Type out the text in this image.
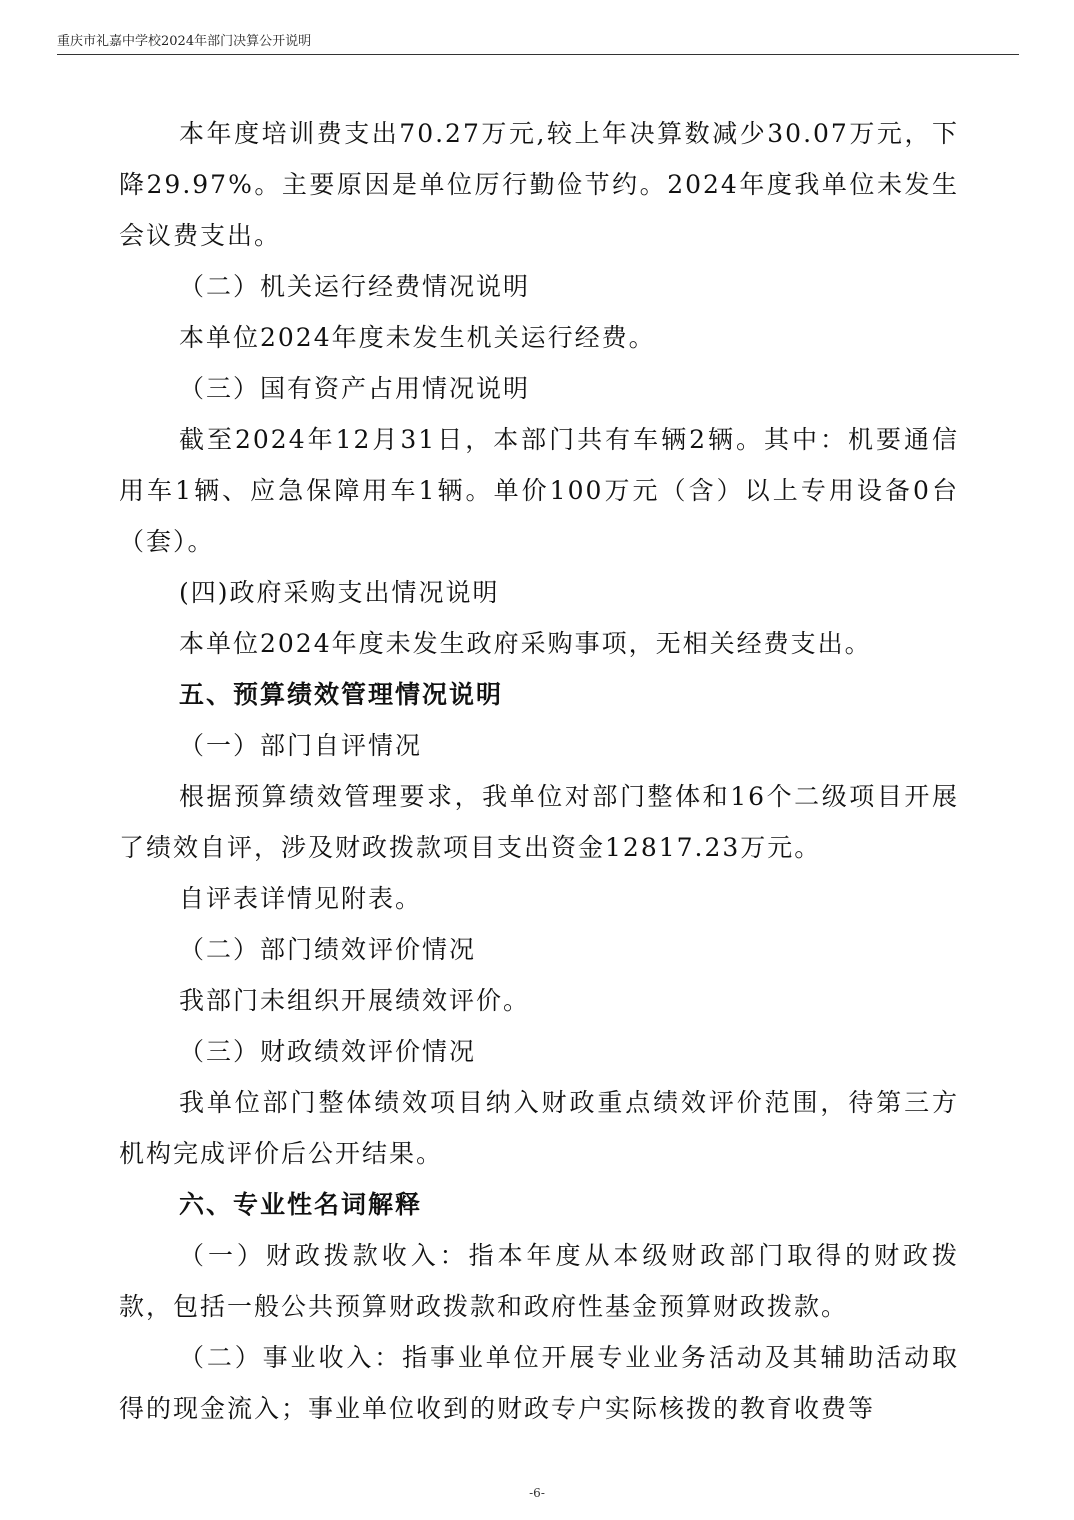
重庆市礼嘉中学校2024年部门决算公开说明

本年度培训费支出70.27万元,较上年决算数减少30.07万元，下降29.97%。主要原因是单位厉行勤俭节约。2024年度我单位未发生会议费支出。

（二）机关运行经费情况说明

本单位2024年度未发生机关运行经费。

（三）国有资产占用情况说明

截至2024年12月31日，本部门共有车辆2辆。其中：机要通信用车1辆、应急保障用车1辆。单价100万元（含）以上专用设备0台（套）。

(四)政府采购支出情况说明

本单位2024年度未发生政府采购事项，无相关经费支出。

五、预算绩效管理情况说明

（一）部门自评情况

根据预算绩效管理要求，我单位对部门整体和16个二级项目开展了绩效自评，涉及财政拨款项目支出资金12817.23万元。

自评表详情见附表。

（二）部门绩效评价情况

我部门未组织开展绩效评价。

（三）财政绩效评价情况

我单位部门整体绩效项目纳入财政重点绩效评价范围，待第三方机构完成评价后公开结果。

六、专业性名词解释

（一）财政拨款收入：指本年度从本级财政部门取得的财政拨款，包括一般公共预算财政拨款和政府性基金预算财政拨款。

（二）事业收入：指事业单位开展专业业务活动及其辅助活动取得的现金流入；事业单位收到的财政专户实际核拨的教育收费等

-6-
